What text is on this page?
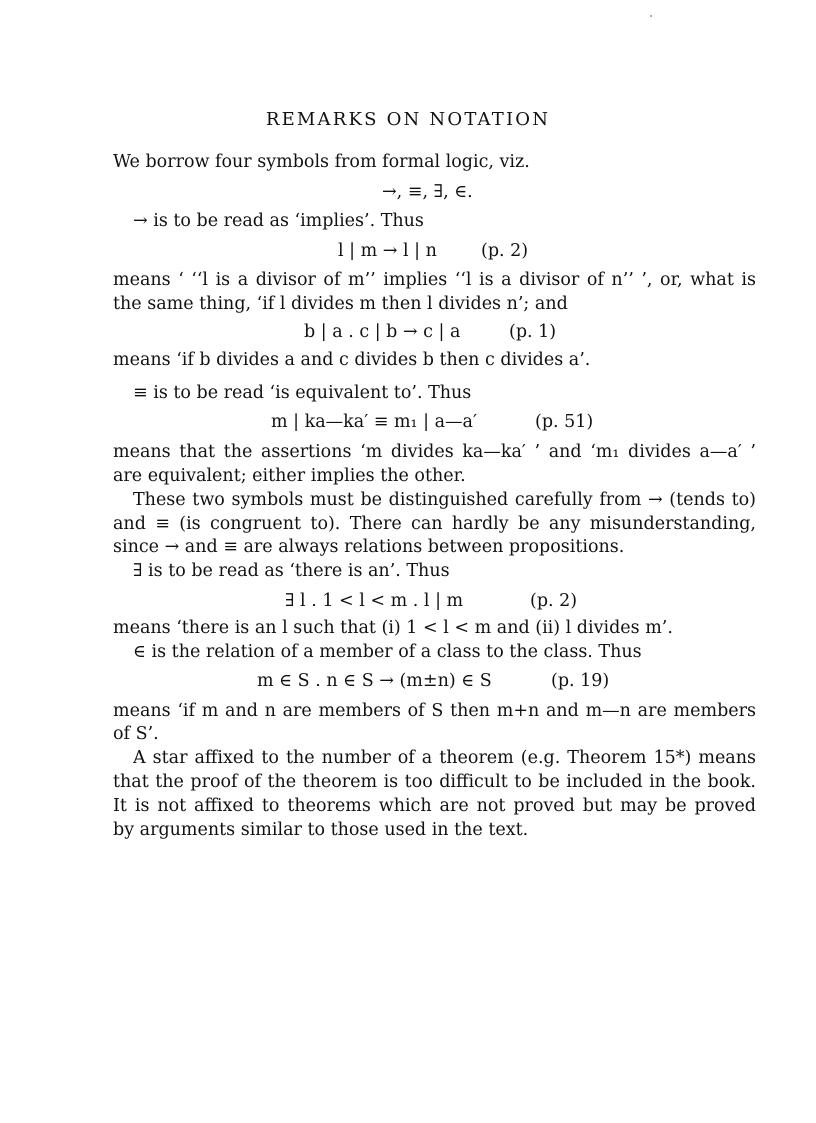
REMARKS ON NOTATION
We borrow four symbols from formal logic, viz.
→, ≡, ∃, ∈.
→ is to be read as ‘implies’. Thus
l | m → l | n	(p. 2)
means ‘ ‘‘l is a divisor of m’’ implies ‘‘l is a divisor of n’’ ’, or, what is
the same thing, ‘if l divides m then l divides n’; and
b | a . c | b → c | a	(p. 1)
means ‘if b divides a and c divides b then c divides a’.
≡ is to be read ‘is equivalent to’. Thus
m | ka—ka′ ≡ m₁ | a—a′	(p. 51)
means that the assertions ‘m divides ka—ka′ ’ and ‘m₁ divides a—a′ ’
are equivalent; either implies the other.
These two symbols must be distinguished carefully from → (tends to)
and ≡ (is congruent to). There can hardly be any misunderstanding,
since → and ≡ are always relations between propositions.
∃ is to be read as ‘there is an’. Thus
∃ l . 1 < l < m . l | m	(p. 2)
means ‘there is an l such that (i) 1 < l < m and (ii) l divides m’.
∈ is the relation of a member of a class to the class. Thus
m ∈ S . n ∈ S → (m±n) ∈ S	(p. 19)
means ‘if m and n are members of S then m+n and m—n are members
of S’.
A star affixed to the number of a theorem (e.g. Theorem 15*) means
that the proof of the theorem is too difficult to be included in the book.
It is not affixed to theorems which are not proved but may be proved
by arguments similar to those used in the text.
